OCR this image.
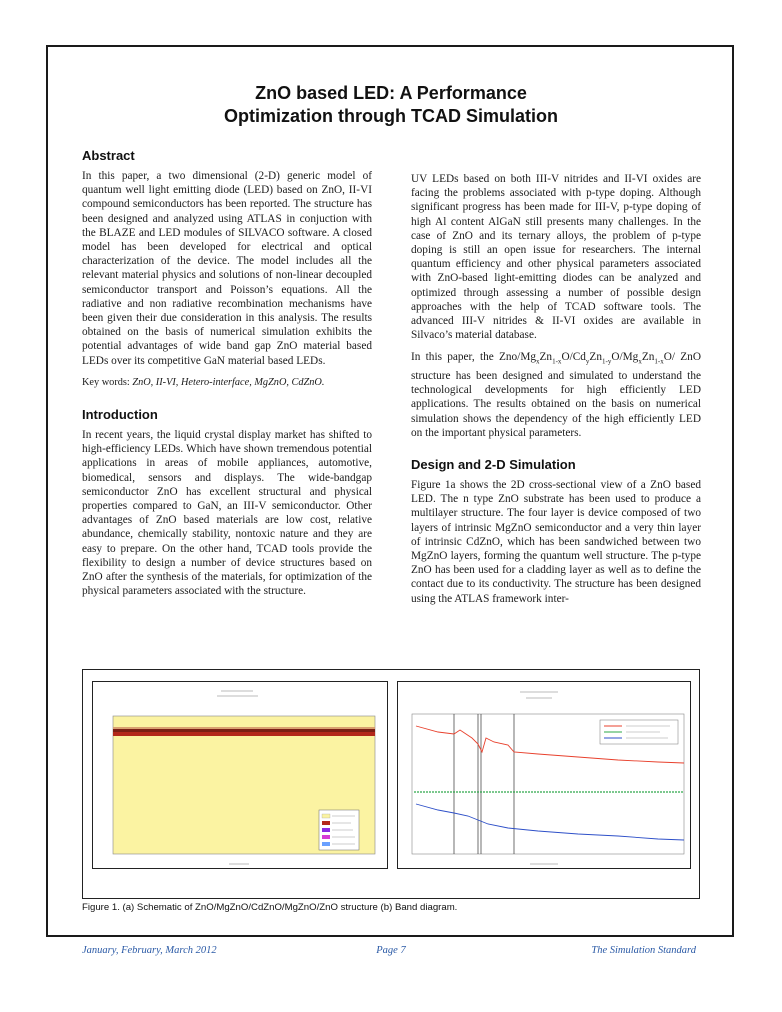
ZnO based LED: A Performance
Optimization through TCAD Simulation
Abstract

In this paper, a two dimensional (2-D) generic model of quantum well light emitting diode (LED) based on ZnO, II-VI compound semiconductors has been reported. The structure has been designed and analyzed using ATLAS in conjuction with the BLAZE and LED modules of SILVACO software. A closed model has been developed for electrical and optical characterization of the device. The model includes all the relevant material physics and solutions of non-linear decoupled semiconductor transport and Poisson’s equations. All the radiative and non radiative recombination mechanisms have been given their due consideration in this analysis. The results obtained on the basis of numerical simulation exhibits the potential advantages of wide band gap ZnO material based LEDs over its competitive GaN material based LEDs.

Key words: ZnO, II-VI, Hetero-interface, MgZnO, CdZnO.

Introduction

In recent years, the liquid crystal display market has shifted to high-efficiency LEDs. Which have shown tremendous potential applications in areas of mobile appliances, automotive, biomedical, sensors and displays. The wide-bandgap semiconductor ZnO has excellent structural and physical properties compared to GaN, an III-V semiconductor. Other advantages of ZnO based materials are low cost, relative abundance, chemically stability, nontoxic nature and they are easy to prepare. On the other hand, TCAD tools provide the flexibility to design a number of device structures based on ZnO after the synthesis of the materials, for optimization of the physical parameters associated with the structure.

UV LEDs based on both III-V nitrides and II-VI oxides are facing the problems associated with p-type doping. Although significant progress has been made for III-V, p-type doping of high Al content AlGaN still presents many challenges. In the case of ZnO and its ternary alloys, the problem of p-type doping is still an open issue for researchers. The internal quantum efficiency and other physical parameters associated with ZnO-based light-emitting diodes can be analyzed and optimized through assessing a number of possible design approaches with the help of TCAD software tools. The advanced III-V nitrides & II-VI oxides are available in Silvaco’s material database.

In this paper, the Zno/$Mg_xZn_{1-x}O/Cd_yZn_{1-y}O/Mg_xZn_{1-x}O/$ ZnO structure has been designed and simulated to understand the technological developments for high efficiently LED applications. The results obtained on the basis on numerical simulation shows the dependency of the high efficiently LED on the important physical parameters.

Design and 2-D Simulation

Figure 1a shows the 2D cross-sectional view of a ZnO based LED. The n type ZnO substrate has been used to produce a multilayer structure. The four layer is device composed of two layers of intrinsic MgZnO semiconductor and a very thin layer of intrinsic CdZnO, which has been sandwiched between two MgZnO layers, forming the quantum well structure. The p-type ZnO has been used for a cladding layer as well as to define the contact due to its conductivity. The structure has been designed using the ATLAS framework inter-

Figure 1. (a) Schematic of ZnO/MgZnO/CdZnO/MgZnO/ZnO structure (b) Band diagram.
January, February, March 2012	Page 7	The Simulation Standard
